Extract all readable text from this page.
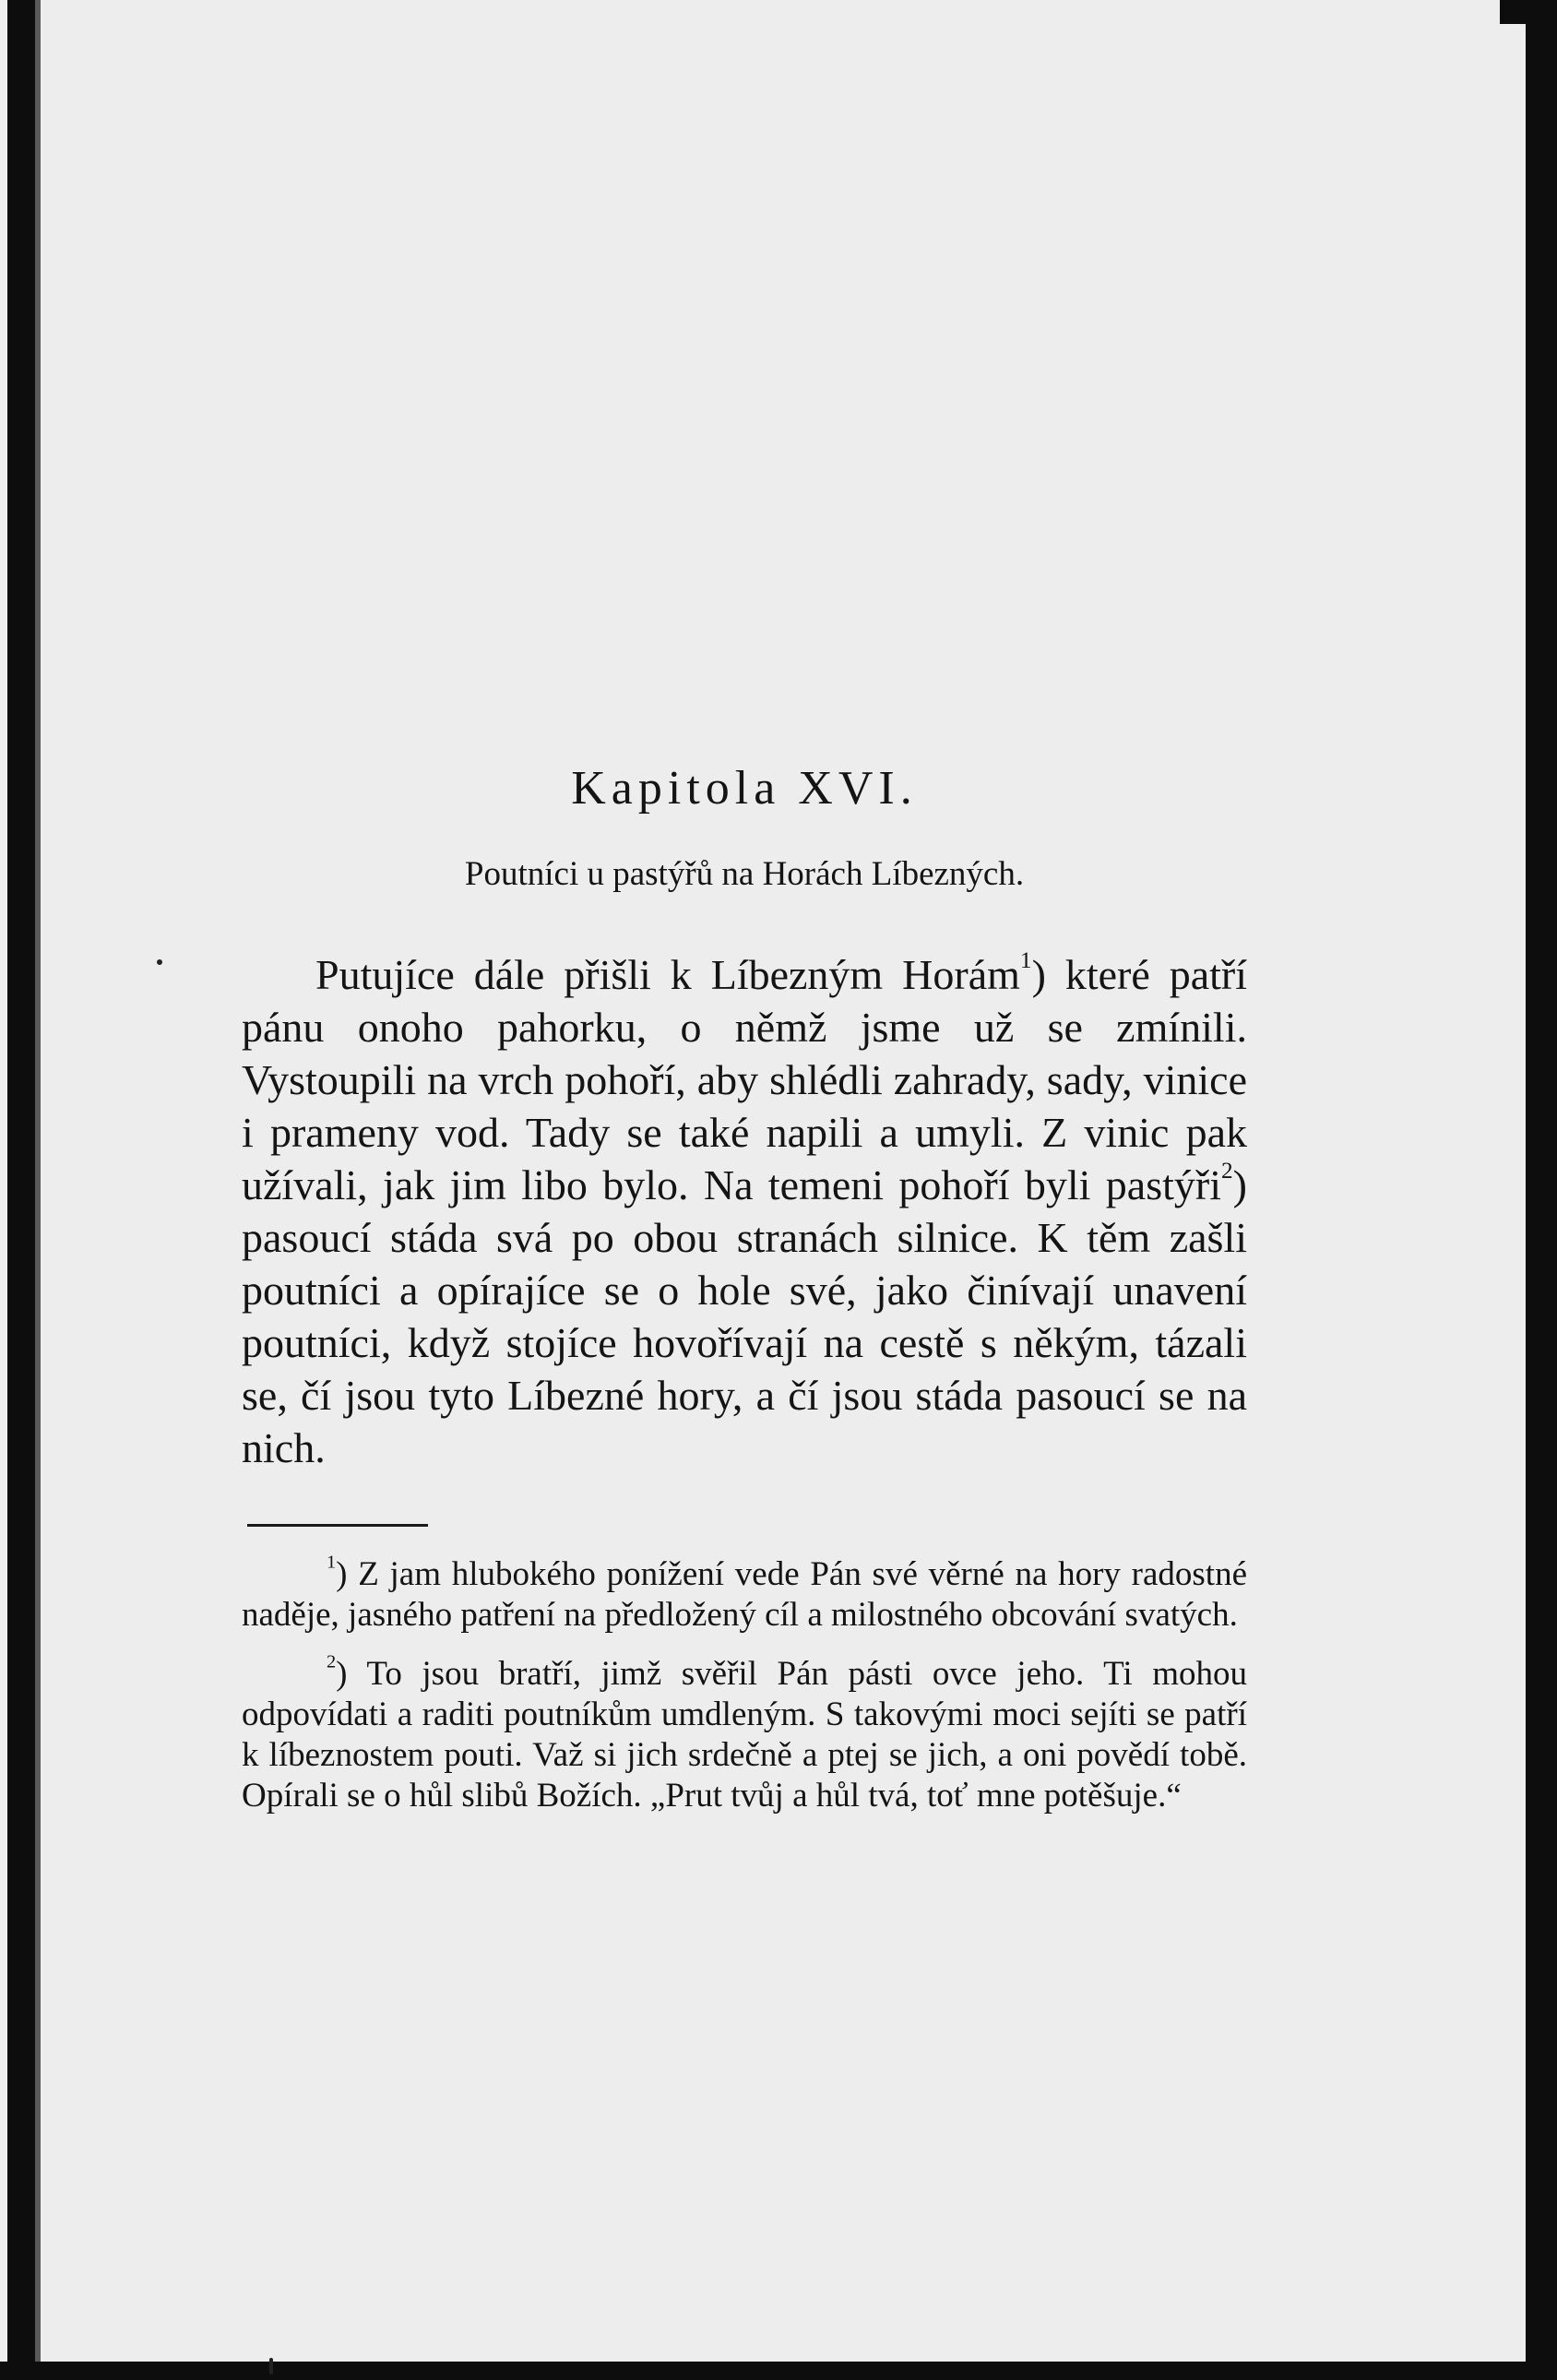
Kapitola XVI.
Poutníci u pastýřů na Horách Líbezných.

Putujíce dále přišli k Líbezným Horám$^1$) které patří pánu onoho pahorku, o němž jsme už se zmínili. Vystoupili na vrch pohoří, aby shlédli zahrady, sady, vinice i prameny vod. Tady se také napili a umyli. Z vinic pak užívali, jak jim libo bylo. Na temeni pohoří byli pastýři$^2$) pasoucí stáda svá po obou stranách silnice. K těm zašli poutníci a opírajíce se o hole své, jako činívají unavení poutníci, když stojíce hovořívají na cestě s někým, tázali se, čí jsou tyto Líbezné hory, a čí jsou stáda pasoucí se na nich.

$^1$) Z jam hlubokého ponížení vede Pán své věrné na hory radostné naděje, jasného patření na předložený cíl a milostného obcování svatých.

$^2$) To jsou bratří, jimž svěřil Pán pásti ovce jeho. Ti mohou odpovídati a raditi poutníkům umdleným. S takovými moci sejíti se patří k líbeznostem pouti. Važ si jich srdečně a ptej se jich, a oni povědí tobě. Opírali se o hůl slibů Božích. „Prut tvůj a hůl tvá, toť mne potěšuje.“
